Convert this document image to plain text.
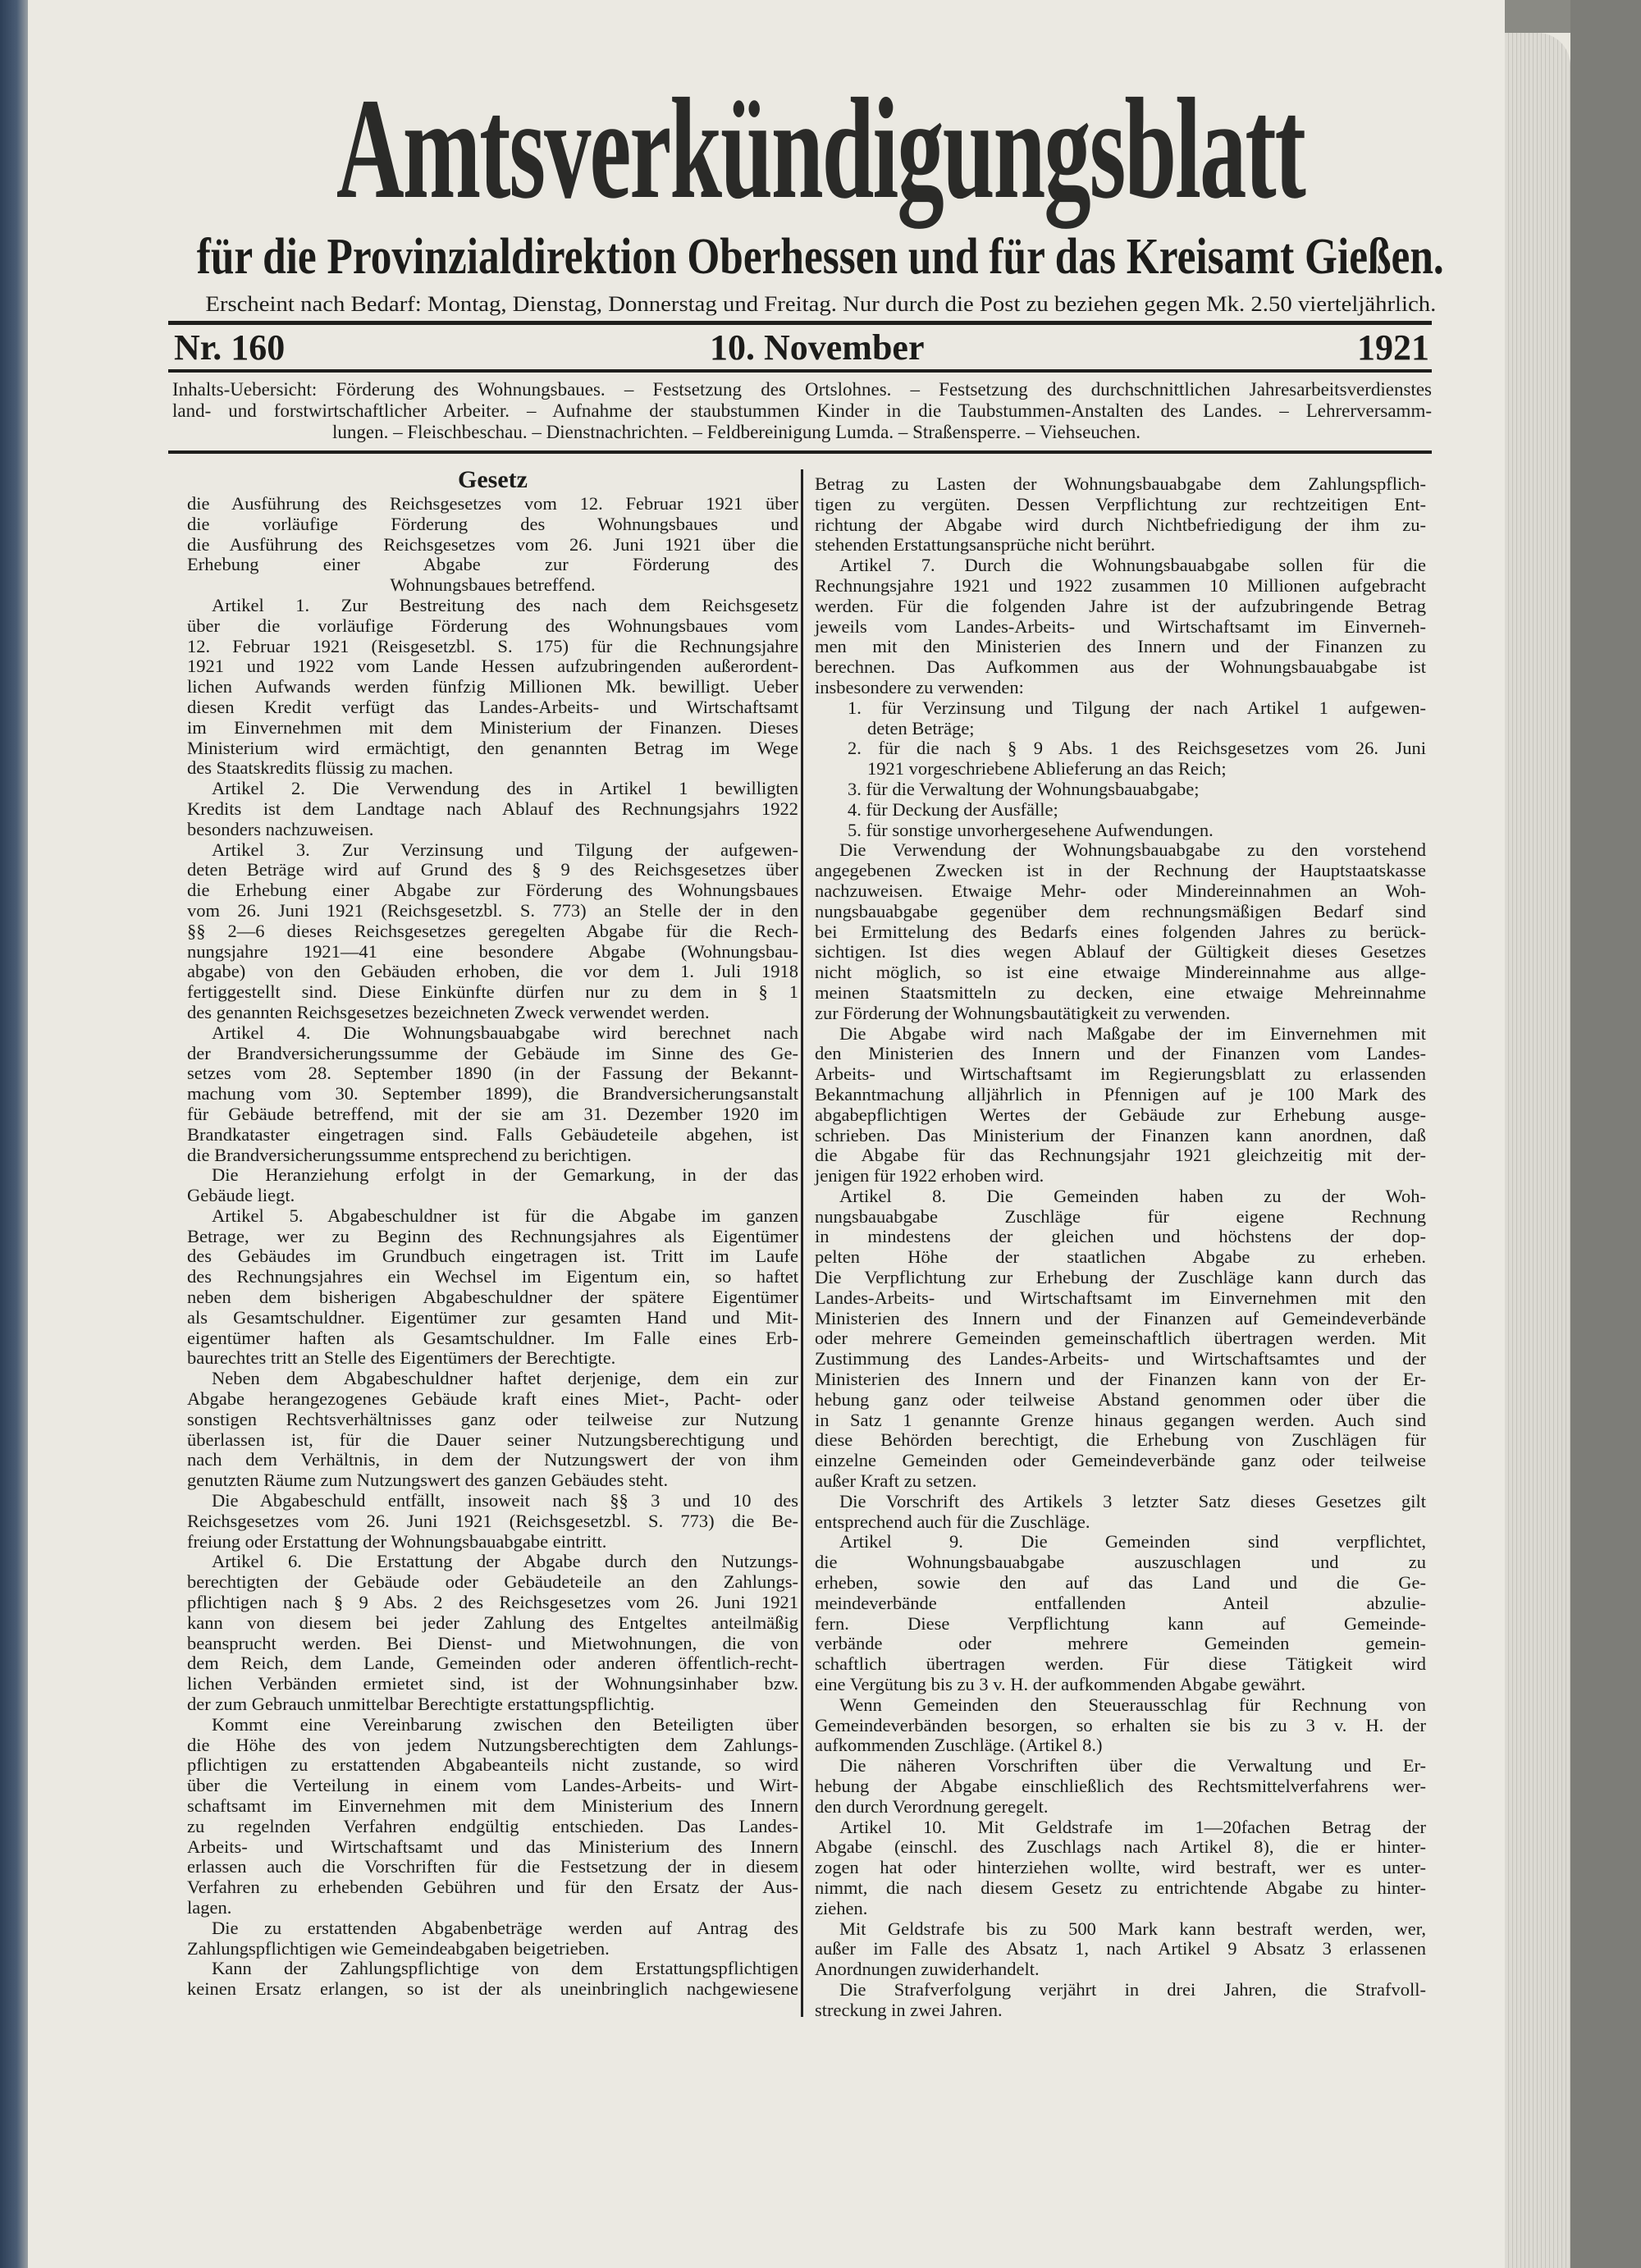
Amtsverkündigungsblatt
für die Provinzialdirektion Oberhessen und für das Kreisamt Gießen.
Erscheint nach Bedarf: Montag, Dienstag, Donnerstag und Freitag. Nur durch die Post zu beziehen gegen Mk. 2.50 vierteljährlich.
Nr. 160	10. November	1921
Inhalts-Uebersicht: Förderung des Wohnungsbaues. – Festsetzung des Ortslohnes. – Festsetzung des durchschnittlichen Jahresarbeitsverdienstes
land- und forstwirtschaftlicher Arbeiter. – Aufnahme der staubstummen Kinder in die Taubstummen-Anstalten des Landes. – Lehrerversamm-
lungen. – Fleischbeschau. – Dienstnachrichten. – Feldbereinigung Lumda. – Straßensperre. – Viehseuchen.
Gesetz
die Ausführung des Reichsgesetzes vom 12. Februar 1921 über
die vorläufige Förderung des Wohnungsbaues und
die Ausführung des Reichsgesetzes vom 26. Juni 1921 über die
Erhebung einer Abgabe zur Förderung des
Wohnungsbaues betreffend.
Artikel 1. Zur Bestreitung des nach dem Reichsgesetz
über die vorläufige Förderung des Wohnungsbaues vom
12. Februar 1921 (Reisgesetzbl. S. 175) für die Rechnungsjahre
1921 und 1922 vom Lande Hessen aufzubringenden außerordent-
lichen Aufwands werden fünfzig Millionen Mk. bewilligt. Ueber
diesen Kredit verfügt das Landes-Arbeits- und Wirtschaftsamt
im Einvernehmen mit dem Ministerium der Finanzen. Dieses
Ministerium wird ermächtigt, den genannten Betrag im Wege
des Staatskredits flüssig zu machen.
Artikel 2. Die Verwendung des in Artikel 1 bewilligten
Kredits ist dem Landtage nach Ablauf des Rechnungsjahrs 1922
besonders nachzuweisen.
Artikel 3. Zur Verzinsung und Tilgung der aufgewen-
deten Beträge wird auf Grund des § 9 des Reichsgesetzes über
die Erhebung einer Abgabe zur Förderung des Wohnungsbaues
vom 26. Juni 1921 (Reichsgesetzbl. S. 773) an Stelle der in den
§§ 2—6 dieses Reichsgesetzes geregelten Abgabe für die Rech-
nungsjahre 1921—41 eine besondere Abgabe (Wohnungsbau-
abgabe) von den Gebäuden erhoben, die vor dem 1. Juli 1918
fertiggestellt sind. Diese Einkünfte dürfen nur zu dem in § 1
des genannten Reichsgesetzes bezeichneten Zweck verwendet werden.
Artikel 4. Die Wohnungsbauabgabe wird berechnet nach
der Brandversicherungssumme der Gebäude im Sinne des Ge-
setzes vom 28. September 1890 (in der Fassung der Bekannt-
machung vom 30. September 1899), die Brandversicherungsanstalt
für Gebäude betreffend, mit der sie am 31. Dezember 1920 im
Brandkataster eingetragen sind. Falls Gebäudeteile abgehen, ist
die Brandversicherungssumme entsprechend zu berichtigen.
Die Heranziehung erfolgt in der Gemarkung, in der das
Gebäude liegt.
Artikel 5. Abgabeschuldner ist für die Abgabe im ganzen
Betrage, wer zu Beginn des Rechnungsjahres als Eigentümer
des Gebäudes im Grundbuch eingetragen ist. Tritt im Laufe
des Rechnungsjahres ein Wechsel im Eigentum ein, so haftet
neben dem bisherigen Abgabeschuldner der spätere Eigentümer
als Gesamtschuldner. Eigentümer zur gesamten Hand und Mit-
eigentümer haften als Gesamtschuldner. Im Falle eines Erb-
baurechtes tritt an Stelle des Eigentümers der Berechtigte.
Neben dem Abgabeschuldner haftet derjenige, dem ein zur
Abgabe herangezogenes Gebäude kraft eines Miet-, Pacht- oder
sonstigen Rechtsverhältnisses ganz oder teilweise zur Nutzung
überlassen ist, für die Dauer seiner Nutzungsberechtigung und
nach dem Verhältnis, in dem der Nutzungswert der von ihm
genutzten Räume zum Nutzungswert des ganzen Gebäudes steht.
Die Abgabeschuld entfällt, insoweit nach §§ 3 und 10 des
Reichsgesetzes vom 26. Juni 1921 (Reichsgesetzbl. S. 773) die Be-
freiung oder Erstattung der Wohnungsbauabgabe eintritt.
Artikel 6. Die Erstattung der Abgabe durch den Nutzungs-
berechtigten der Gebäude oder Gebäudeteile an den Zahlungs-
pflichtigen nach § 9 Abs. 2 des Reichsgesetzes vom 26. Juni 1921
kann von diesem bei jeder Zahlung des Entgeltes anteilmäßig
beansprucht werden. Bei Dienst- und Mietwohnungen, die von
dem Reich, dem Lande, Gemeinden oder anderen öffentlich-recht-
lichen Verbänden ermietet sind, ist der Wohnungsinhaber bzw.
der zum Gebrauch unmittelbar Berechtigte erstattungspflichtig.
Kommt eine Vereinbarung zwischen den Beteiligten über
die Höhe des von jedem Nutzungsberechtigten dem Zahlungs-
pflichtigen zu erstattenden Abgabeanteils nicht zustande, so wird
über die Verteilung in einem vom Landes-Arbeits- und Wirt-
schaftsamt im Einvernehmen mit dem Ministerium des Innern
zu regelnden Verfahren endgültig entschieden. Das Landes-
Arbeits- und Wirtschaftsamt und das Ministerium des Innern
erlassen auch die Vorschriften für die Festsetzung der in diesem
Verfahren zu erhebenden Gebühren und für den Ersatz der Aus-
lagen.
Die zu erstattenden Abgabenbeträge werden auf Antrag des
Zahlungspflichtigen wie Gemeindeabgaben beigetrieben.
Kann der Zahlungspflichtige von dem Erstattungspflichtigen
keinen Ersatz erlangen, so ist der als uneinbringlich nachgewiesene
Betrag zu Lasten der Wohnungsbauabgabe dem Zahlungspflich-
tigen zu vergüten. Dessen Verpflichtung zur rechtzeitigen Ent-
richtung der Abgabe wird durch Nichtbefriedigung der ihm zu-
stehenden Erstattungsansprüche nicht berührt.
Artikel 7. Durch die Wohnungsbauabgabe sollen für die
Rechnungsjahre 1921 und 1922 zusammen 10 Millionen aufgebracht
werden. Für die folgenden Jahre ist der aufzubringende Betrag
jeweils vom Landes-Arbeits- und Wirtschaftsamt im Einverneh-
men mit den Ministerien des Innern und der Finanzen zu
berechnen. Das Aufkommen aus der Wohnungsbauabgabe ist
insbesondere zu verwenden:
1. für Verzinsung und Tilgung der nach Artikel 1 aufgewen-
deten Beträge;
2. für die nach § 9 Abs. 1 des Reichsgesetzes vom 26. Juni
1921 vorgeschriebene Ablieferung an das Reich;
3. für die Verwaltung der Wohnungsbauabgabe;
4. für Deckung der Ausfälle;
5. für sonstige unvorhergesehene Aufwendungen.
Die Verwendung der Wohnungsbauabgabe zu den vorstehend
angegebenen Zwecken ist in der Rechnung der Hauptstaatskasse
nachzuweisen. Etwaige Mehr- oder Mindereinnahmen an Woh-
nungsbauabgabe gegenüber dem rechnungsmäßigen Bedarf sind
bei Ermittelung des Bedarfs eines folgenden Jahres zu berück-
sichtigen. Ist dies wegen Ablauf der Gültigkeit dieses Gesetzes
nicht möglich, so ist eine etwaige Mindereinnahme aus allge-
meinen Staatsmitteln zu decken, eine etwaige Mehreinnahme
zur Förderung der Wohnungsbautätigkeit zu verwenden.
Die Abgabe wird nach Maßgabe der im Einvernehmen mit
den Ministerien des Innern und der Finanzen vom Landes-
Arbeits- und Wirtschaftsamt im Regierungsblatt zu erlassenden
Bekanntmachung alljährlich in Pfennigen auf je 100 Mark des
abgabepflichtigen Wertes der Gebäude zur Erhebung ausge-
schrieben. Das Ministerium der Finanzen kann anordnen, daß
die Abgabe für das Rechnungsjahr 1921 gleichzeitig mit der-
jenigen für 1922 erhoben wird.
Artikel 8. Die Gemeinden haben zu der Woh-
nungsbauabgabe Zuschläge für eigene Rechnung
in mindestens der gleichen und höchstens der dop-
pelten Höhe der staatlichen Abgabe zu erheben.
Die Verpflichtung zur Erhebung der Zuschläge kann durch das
Landes-Arbeits- und Wirtschaftsamt im Einvernehmen mit den
Ministerien des Innern und der Finanzen auf Gemeindeverbände
oder mehrere Gemeinden gemeinschaftlich übertragen werden. Mit
Zustimmung des Landes-Arbeits- und Wirtschaftsamtes und der
Ministerien des Innern und der Finanzen kann von der Er-
hebung ganz oder teilweise Abstand genommen oder über die
in Satz 1 genannte Grenze hinaus gegangen werden. Auch sind
diese Behörden berechtigt, die Erhebung von Zuschlägen für
einzelne Gemeinden oder Gemeindeverbände ganz oder teilweise
außer Kraft zu setzen.
Die Vorschrift des Artikels 3 letzter Satz dieses Gesetzes gilt
entsprechend auch für die Zuschläge.
Artikel 9. Die Gemeinden sind verpflichtet,
die Wohnungsbauabgabe auszuschlagen und zu
erheben, sowie den auf das Land und die Ge-
meindeverbände entfallenden Anteil abzulie-
fern. Diese Verpflichtung kann auf Gemeinde-
verbände oder mehrere Gemeinden gemein-
schaftlich übertragen werden. Für diese Tätigkeit wird
eine Vergütung bis zu 3 v. H. der aufkommenden Abgabe gewährt.
Wenn Gemeinden den Steuerausschlag für Rechnung von
Gemeindeverbänden besorgen, so erhalten sie bis zu 3 v. H. der
aufkommenden Zuschläge. (Artikel 8.)
Die näheren Vorschriften über die Verwaltung und Er-
hebung der Abgabe einschließlich des Rechtsmittelverfahrens wer-
den durch Verordnung geregelt.
Artikel 10. Mit Geldstrafe im 1—20fachen Betrag der
Abgabe (einschl. des Zuschlags nach Artikel 8), die er hinter-
zogen hat oder hinterziehen wollte, wird bestraft, wer es unter-
nimmt, die nach diesem Gesetz zu entrichtende Abgabe zu hinter-
ziehen.
Mit Geldstrafe bis zu 500 Mark kann bestraft werden, wer,
außer im Falle des Absatz 1, nach Artikel 9 Absatz 3 erlassenen
Anordnungen zuwiderhandelt.
Die Strafverfolgung verjährt in drei Jahren, die Strafvoll-
streckung in zwei Jahren.
